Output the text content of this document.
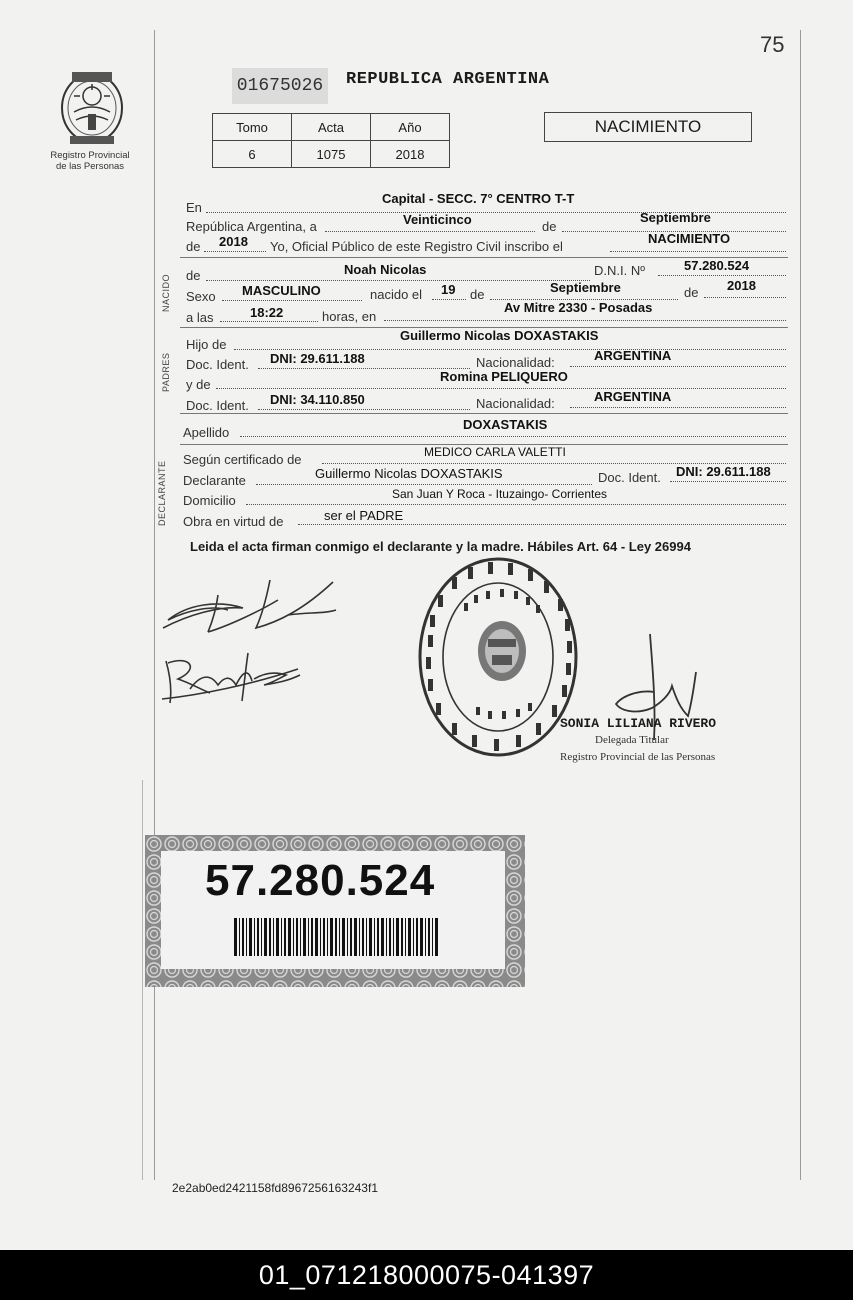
75
Registro Provincial
de las Personas
01675026 REPUBLICA ARGENTINA
Tomo	Acta	Año
6	1075	2018
NACIMIENTO
En
Capital - SECC. 7° CENTRO T-T
República Argentina, a	Veinticinco	de
Septiembre
de 2018 Yo, Oficial Público de este Registro Civil inscribo el
NACIMIENTO
NACIDO de	Noah Nicolas	D.N.I. Nº	57.280.524
Sexo MASCULINO	nacido el 19 de	Septiembre	de 2018
a las	18:22	horas, en
Av Mitre 2330 - Posadas
PADRES
Hijo de
Guillermo Nicolas DOXASTAKIS
Doc. Ident. DNI: 29.611.188	Nacionalidad:	ARGENTINA
y de
Romina PELIQUERO
Doc. Ident. DNI: 34.110.850	Nacionalidad:	ARGENTINA
Apellido
DOXASTAKIS
DECLARANTE
Según certificado de	MEDICO CARLA VALETTI
Declarante	Guillermo Nicolas DOXASTAKIS	Doc. Ident. DNI: 29.611.188
Domicilio	San Juan Y Roca - Ituzaingo- Corrientes
Obra en virtud de	ser el PADRE
Leida el acta firman conmigo el declarante y la madre. Hábiles Art. 64 - Ley 26994
SONIA LILIANA RIVERO
Delegada Titular
Registro Provincial de las Personas
57.280.524
2e2ab0ed2421158fd8967256163243f1
01_071218000075-041397
